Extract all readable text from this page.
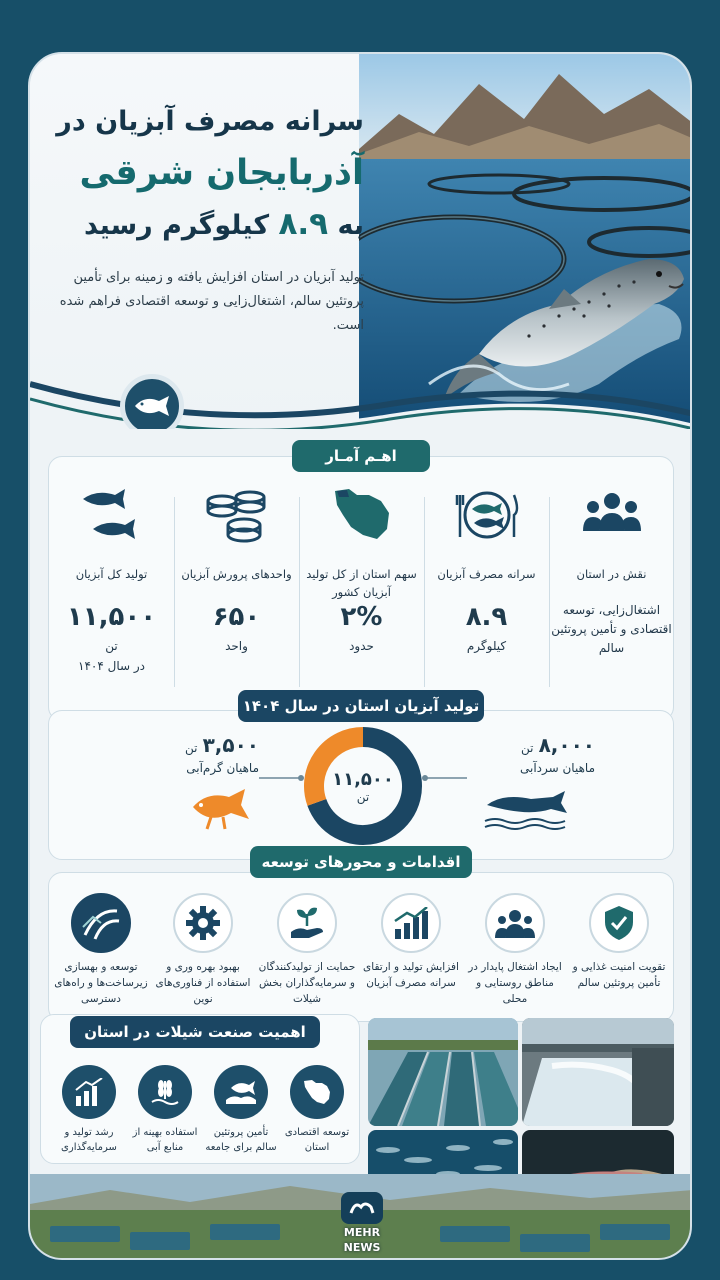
سرانه مصرف آبزیان در
آذربایجان شرقی
به ۸.۹ کیلوگرم رسید
تولید آبزیان در استان افزایش یافته و زمینه برای تأمین پروتئین سالم، اشتغال‌زایی و توسعه اقتصادی فراهم شده است.
تولید کل آبزیان
۱۱,۵۰۰
تن
در سال ۱۴۰۴
واحدهای پرورش آبزیان
۶۵۰
واحد
سهم استان از کل تولید آبزیان کشور
۲%
حدود
سرانه مصرف آبزیان
۸.۹
کیلوگرم
نقش در استان
اشتغال‌زایی، توسعه اقتصادی و تأمین پروتئین سالم
اهـم آمـار
۱۱,۵۰۰
تن
۳,۵۰۰ تن
ماهیان گرم‌آبی
۸,۰۰۰ تن
ماهیان سردآبی
تولید آبزیان استان در سال ۱۴۰۴
تقویت امنیت غذایی و تأمین پروتئین سالم
ایجاد اشتغال پایدار در مناطق روستایی و محلی
افزایش تولید و ارتقای سرانه مصرف آبزیان
حمایت از تولیدکنندگان و سرمایه‌گذاران بخش شیلات
بهبود بهره وری و استفاده از فناوری‌های نوین
توسعه و بهسازی زیرساخت‌ها و راه‌های دسترسی
اقدامات و محورهای توسعه
توسعه اقتصادی استان
تأمین پروتئین سالم برای جامعه
استفاده بهینه از منابع آبی
رشد تولید و سرمایه‌گذاری
اهمیت صنعت شیلات در استان
MEHR
NEWS
